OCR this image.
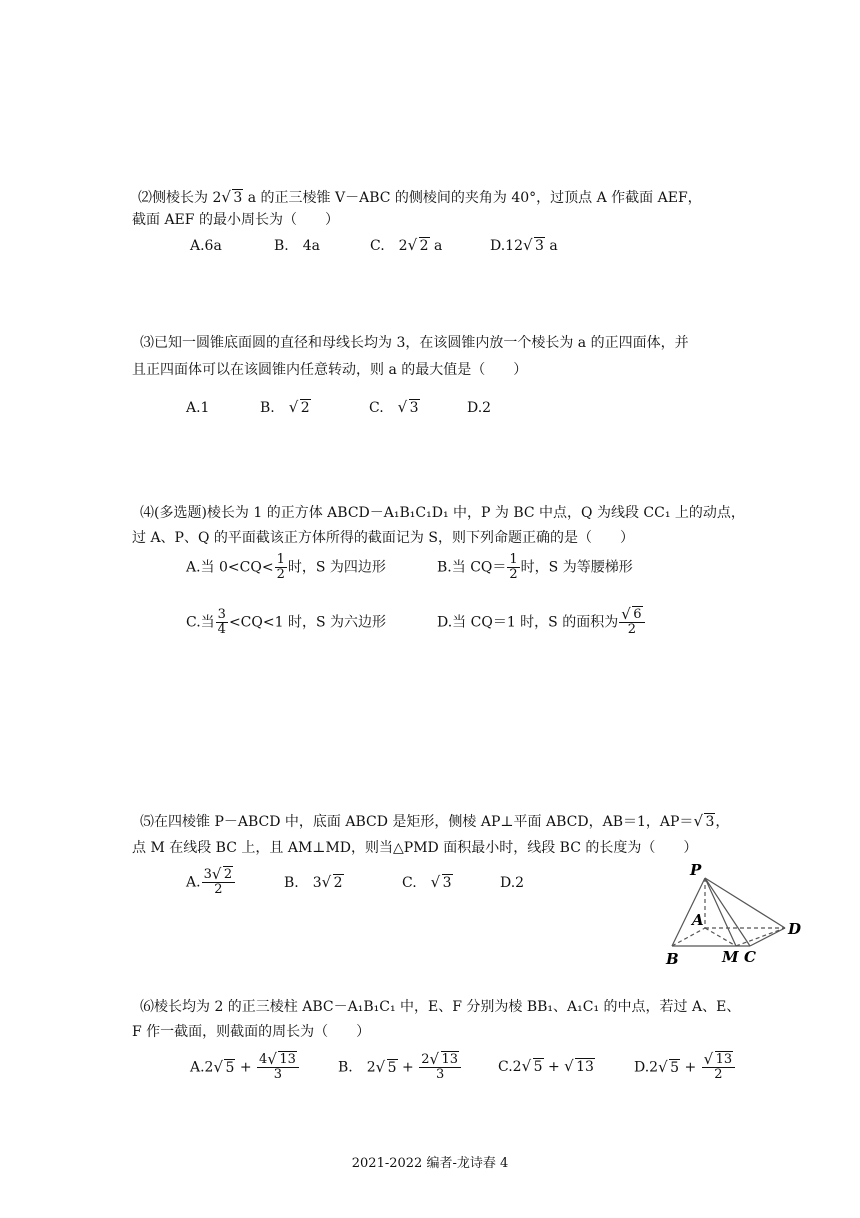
⑵侧棱长为 2 √ 3 a 的正三棱锥 V－ABC 的侧棱间的夹角为 40°，过顶点 A 作截面 AEF，
截面 AEF 的最小周长为（　　）
A.6a	B.　4a	C.　2 √ 2 a	D.12 √ 3 a
⑶已知一圆锥底面圆的直径和母线长均为 3，在该圆锥内放一个棱长为 a 的正四面体，并
且正四面体可以在该圆锥内任意转动，则 a 的最大值是（　　）
A.1	B.　√ 2	C.　√ 3	D.2
⑷(多选题)棱长为 1 的正方体 ABCD－A₁B₁C₁D₁ 中，P 为 BC 中点，Q 为线段 CC₁ 上的动点，
过 A、P、Q 的平面截该正方体所得的截面记为 S，则下列命题正确的是（　　）
A.当 $0<CQ< \frac{1}{2}$ 时，S 为四边形	B.当 $CQ= \frac{1}{2}$ 时，S 为等腰梯形
C.当 $\frac{3}{4} <CQ<1$ 时，S 为六边形	D.当 CQ＝1 时，S 的面积为 √ $\frac{6}{2}$
⑸在四棱锥 P－ABCD 中，底面 ABCD 是矩形，侧棱 AP⊥平面 ABCD，AB＝1，AP＝ √ 3，
点 M 在线段 BC 上，且 AM⊥MD，则当△PMD 面积最小时，线段 BC 的长度为（　　）
A. $\frac{3 √ 2}{2}$	B.　3 √ 2	C.　√ 3	D.2
P
A
B	M C
D
⑹棱长均为 2 的正三棱柱 ABC－A₁B₁C₁ 中，E、F 分别为棱 BB₁、A₁C₁ 的中点，若过 A、E、
F 作一截面，则截面的周长为（　　）
A.2 √ $5 + \frac{4 √ 13}{3}$	B.　2 √ $5 + \frac{2 √ 13}{3}$	C.2 √ 5 + √ 13	D.2 √ 5 + √ $\frac{13}{2}$
2021-2022 编者-龙诗春 4
